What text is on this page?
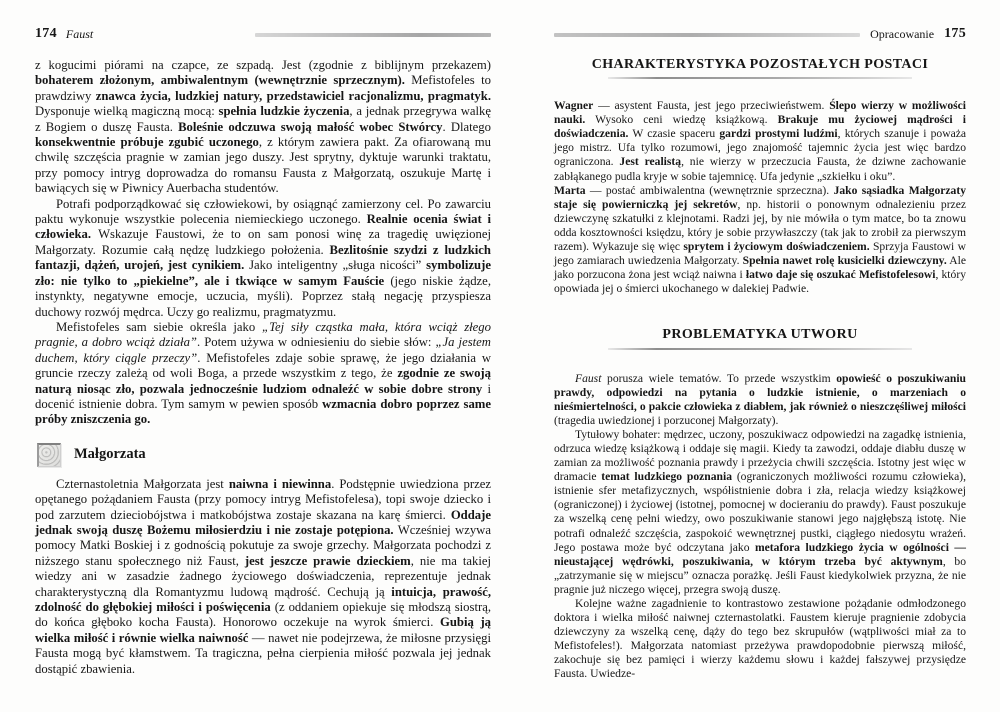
174 Faust

z kogucimi piórami na czapce, ze szpadą. Jest (zgodnie z biblijnym przekazem) bohaterem złożonym, ambiwalentnym (wewnętrznie sprzecznym). Mefistofeles to prawdziwy znawca życia, ludzkiej natury, przedstawiciel racjonalizmu, pragmatyk. Dysponuje wielką magiczną mocą: spełnia ludzkie życzenia, a jednak przegrywa walkę z Bogiem o duszę Fausta. Boleśnie odczuwa swoją małość wobec Stwórcy. Dlatego konsekwentnie próbuje zgubić uczonego, z którym zawiera pakt. Za ofiarowaną mu chwilę szczęścia pragnie w zamian jego duszy. Jest sprytny, dyktuje warunki traktatu, przy pomocy intryg doprowadza do romansu Fausta z Małgorzatą, oszukuje Martę i bawiących się w Piwnicy Auerbacha studentów.

Potrafi podporządkować się człowiekowi, by osiągnąć zamierzony cel. Po zawarciu paktu wykonuje wszystkie polecenia niemieckiego uczonego. Realnie ocenia świat i człowieka. Wskazuje Faustowi, że to on sam ponosi winę za tragedię uwięzionej Małgorzaty. Rozumie całą nędzę ludzkiego położenia. Bezlitośnie szydzi z ludzkich fantazji, dążeń, urojeń, jest cynikiem. Jako inteligentny „sługa nicości” symbolizuje zło: nie tylko to „piekielne”, ale i tkwiące w samym Fauście (jego niskie żądze, instynkty, negatywne emocje, uczucia, myśli). Poprzez stałą negację przyspiesza duchowy rozwój mędrca. Uczy go realizmu, pragmatyzmu.

Mefistofeles sam siebie określa jako „Tej siły cząstka mała, która wciąż złego pragnie, a dobro wciąż działa”. Potem używa w odniesieniu do siebie słów: „Ja jestem duchem, który ciągle przeczy”. Mefistofeles zdaje sobie sprawę, że jego działania w gruncie rzeczy zależą od woli Boga, a przede wszystkim z tego, że zgodnie ze swoją naturą niosąc zło, pozwala jednocześnie ludziom odnaleźć w sobie dobre strony i docenić istnienie dobra. Tym samym w pewien sposób wzmacnia dobro poprzez same próby zniszczenia go.

Małgorzata

Czternastoletnia Małgorzata jest naiwna i niewinna. Podstępnie uwiedziona przez opętanego pożądaniem Fausta (przy pomocy intryg Mefistofelesa), topi swoje dziecko i pod zarzutem dzieciobójstwa i matkobójstwa zostaje skazana na karę śmierci. Oddaje jednak swoją duszę Bożemu miłosierdziu i nie zostaje potępiona. Wcześniej wzywa pomocy Matki Boskiej i z godnością pokutuje za swoje grzechy. Małgorzata pochodzi z niższego stanu społecznego niż Faust, jest jeszcze prawie dzieckiem, nie ma takiej wiedzy ani w zasadzie żadnego życiowego doświadczenia, reprezentuje jednak charakterystyczną dla Romantyzmu ludową mądrość. Cechują ją intuicja, prawość, zdolność do głębokiej miłości i poświęcenia (z oddaniem opiekuje się młodszą siostrą, do końca głęboko kocha Fausta). Honorowo oczekuje na wyrok śmierci. Gubią ją wielka miłość i równie wielka naiwność — nawet nie podejrzewa, że miłosne przysięgi Fausta mogą być kłamstwem. Ta tragiczna, pełna cierpienia miłość pozwala jej jednak dostąpić zbawienia.

Opracowanie 175
CHARAKTERYSTYKA POZOSTAŁYCH POSTACI

Wagner — asystent Fausta, jest jego przeciwieństwem. Ślepo wierzy w możliwości nauki. Wysoko ceni wiedzę książkową. Brakuje mu życiowej mądrości i doświadczenia. W czasie spaceru gardzi prostymi ludźmi, których szanuje i poważa jego mistrz. Ufa tylko rozumowi, jego znajomość tajemnic życia jest więc bardzo ograniczona. Jest realistą, nie wierzy w przeczucia Fausta, że dziwne zachowanie zabłąkanego pudla kryje w sobie tajemnicę. Ufa jedynie „szkiełku i oku”.

Marta — postać ambiwalentna (wewnętrznie sprzeczna). Jako sąsiadka Małgorzaty staje się powierniczką jej sekretów, np. historii o ponownym odnalezieniu przez dziewczynę szkatułki z klejnotami. Radzi jej, by nie mówiła o tym matce, bo ta znowu odda kosztowności księdzu, który je sobie przywłaszczy (tak jak to zrobił za pierwszym razem). Wykazuje się więc sprytem i życiowym doświadczeniem. Sprzyja Faustowi w jego zamiarach uwiedzenia Małgorzaty. Spełnia nawet rolę kusicielki dziewczyny. Ale jako porzucona żona jest wciąż naiwna i łatwo daje się oszukać Mefistofelesowi, który opowiada jej o śmierci ukochanego w dalekiej Padwie.

PROBLEMATYKA UTWORU

Faust porusza wiele tematów. To przede wszystkim opowieść o poszukiwaniu prawdy, odpowiedzi na pytania o ludzkie istnienie, o marzeniach o nieśmiertelności, o pakcie człowieka z diabłem, jak również o nieszczęśliwej miłości (tragedia uwiedzionej i porzuconej Małgorzaty).

Tytułowy bohater: mędrzec, uczony, poszukiwacz odpowiedzi na zagadkę istnienia, odrzuca wiedzę książkową i oddaje się magii. Kiedy ta zawodzi, oddaje diabłu duszę w zamian za możliwość poznania prawdy i przeżycia chwili szczęścia. Istotny jest więc w dramacie temat ludzkiego poznania (ograniczonych możliwości rozumu człowieka), istnienie sfer metafizycznych, współistnienie dobra i zła, relacja wiedzy książkowej (ograniczonej) i życiowej (istotnej, pomocnej w docieraniu do prawdy). Faust poszukuje za wszelką cenę pełni wiedzy, owo poszukiwanie stanowi jego najgłębszą istotę. Nie potrafi odnaleźć szczęścia, zaspokoić wewnętrznej pustki, ciągłego niedosytu wrażeń. Jego postawa może być odczytana jako metafora ludzkiego życia w ogólności — nieustającej wędrówki, poszukiwania, w którym trzeba być aktywnym, bo „zatrzymanie się w miejscu” oznacza porażkę. Jeśli Faust kiedykolwiek przyzna, że nie pragnie już niczego więcej, przegra swoją duszę.

Kolejne ważne zagadnienie to kontrastowo zestawione pożądanie odmłodzonego doktora i wielka miłość naiwnej czternastolatki. Faustem kieruje pragnienie zdobycia dziewczyny za wszelką cenę, dąży do tego bez skrupułów (wątpliwości miał za to Mefistofeles!). Małgorzata natomiast przeżywa prawdopodobnie pierwszą miłość, zakochuje się bez pamięci i wierzy każdemu słowu i każdej fałszywej przysiędze Fausta. Uwiedze-
